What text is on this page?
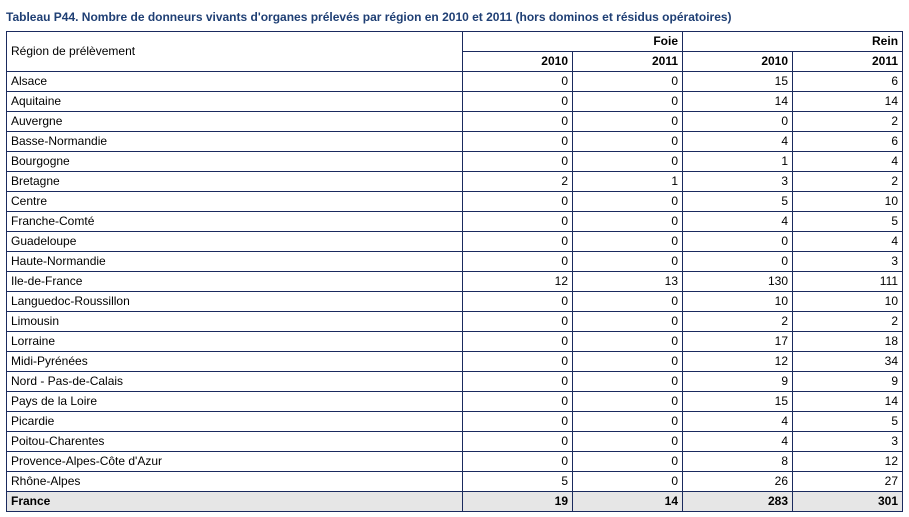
Tableau P44. Nombre de donneurs vivants d'organes prélevés par région en 2010 et 2011 (hors dominos et résidus opératoires)
Région de prélèvement	Foie		Rein	
	2010	2011	2010	2011
Alsace	0	0	15	6
Aquitaine	0	0	14	14
Auvergne	0	0	0	2
Basse-Normandie	0	0	4	6
Bourgogne	0	0	1	4
Bretagne	2	1	3	2
Centre	0	0	5	10
Franche-Comté	0	0	4	5
Guadeloupe	0	0	0	4
Haute-Normandie	0	0	0	3
Ile-de-France	12	13	130	111
Languedoc-Roussillon	0	0	10	10
Limousin	0	0	2	2
Lorraine	0	0	17	18
Midi-Pyrénées	0	0	12	34
Nord - Pas-de-Calais	0	0	9	9
Pays de la Loire	0	0	15	14
Picardie	0	0	4	5
Poitou-Charentes	0	0	4	3
Provence-Alpes-Côte d'Azur	0	0	8	12
Rhône-Alpes	5	0	26	27
France	19	14	283	301
